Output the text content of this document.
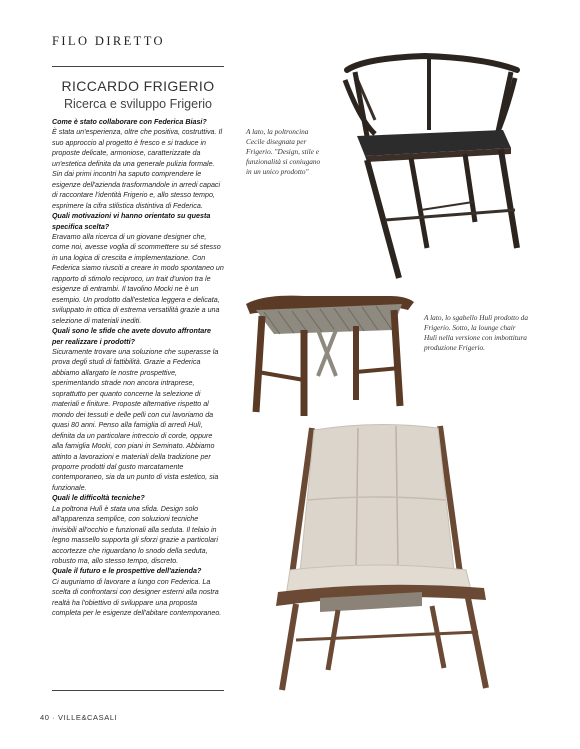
FILO DIRETTO
RICCARDO FRIGERIO
Ricerca e sviluppo Frigerio

Come è stato collaborare con Federica Biasi?

È stata un'esperienza, oltre che positiva, costruttiva. Il suo approccio al progetto è fresco e si traduce in proposte delicate, armoniose, caratterizzate da un'estetica definita da una generale pulizia formale. Sin dai primi incontri ha saputo comprendere le esigenze dell'azienda trasformandole in arredi capaci di raccontare l'identità Frigerio e, allo stesso tempo, esprimere la cifra stilistica distintiva di Federica.

Quali motivazioni vi hanno orientato su questa specifica scelta?

Eravamo alla ricerca di un giovane designer che, come noi, avesse voglia di scommettere su sé stesso in una logica di crescita e implementazione. Con Federica siamo riusciti a creare in modo spontaneo un rapporto di stimolo reciproco, un trait d'union tra le esigenze di entrambi. Il tavolino Mocki ne è un esempio. Un prodotto dall'estetica leggera e delicata, sviluppato in ottica di estrema versatilità grazie a una selezione di materiali inediti.

Quali sono le sfide che avete dovuto affrontare per realizzare i prodotti?

Sicuramente trovare una soluzione che superasse la prova degli studi di fattibilità. Grazie a Federica abbiamo allargato le nostre prospettive, sperimentando strade non ancora intraprese, soprattutto per quanto concerne la selezione di materiali e finiture. Proposte alternative rispetto al mondo dei tessuti e delle pelli con cui lavoriamo da quasi 80 anni. Penso alla famiglia di arredi Hulì, definita da un particolare intreccio di corde, oppure alla famiglia Mocki, con piani in Seminato. Abbiamo attinto a lavorazioni e materiali della tradizione per proporre prodotti dal gusto marcatamente contemporaneo, sia da un punto di vista estetico, sia funzionale.

Quali le difficoltà tecniche?

La poltrona Hulì è stata una sfida. Design solo all'apparenza semplice, con soluzioni tecniche invisibili all'occhio e funzionali alla seduta. Il telaio in legno massello supporta gli sforzi grazie a particolari accortezze che riguardano lo snodo della seduta, robusto ma, allo stesso tempo, discreto.

Quale il futuro e le prospettive dell'azienda?

Ci auguriamo di lavorare a lungo con Federica. La scelta di confrontarsi con designer esterni alla nostra realtà ha l'obiettivo di sviluppare una proposta completa per le esigenze dell'abitare contemporaneo.

A lato, la poltroncina Cecile disegnata per Frigerio. "Design, stile e funzionalità si coniugano in un unico prodotto"
A lato, lo sgabello Hulì prodotto da Frigerio. Sotto, la lounge chair Hulì nella versione con imbottitura produzione Frigerio.
40 · VILLE&CASALI
